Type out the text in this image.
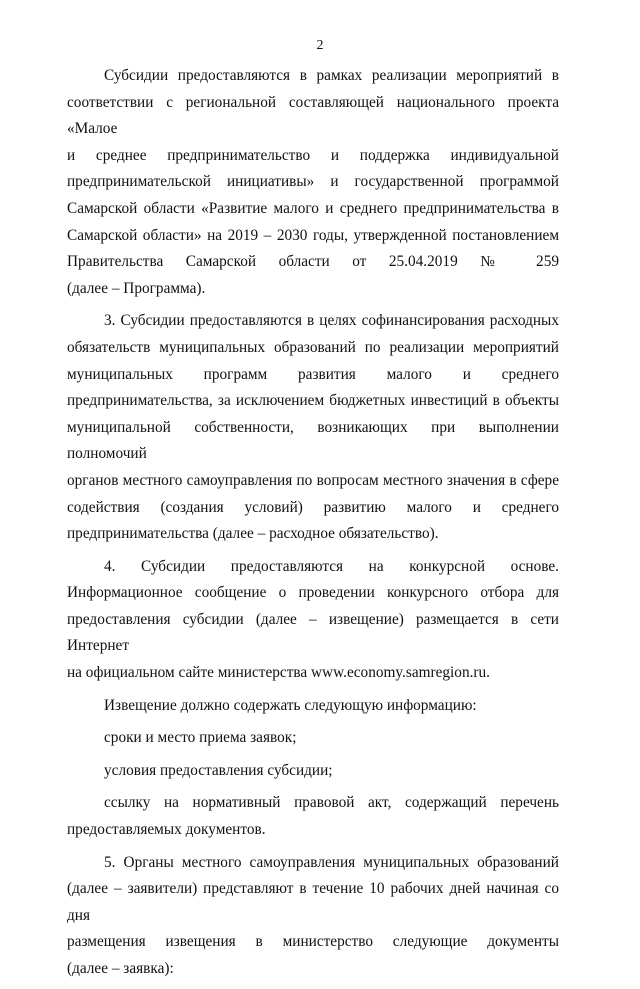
2

Субсидии предоставляются в рамках реализации мероприятий в
соответствии с региональной составляющей национального проекта «Малое
и среднее предпринимательство и поддержка индивидуальной
предпринимательской инициативы» и государственной программой
Самарской области «Развитие малого и среднего предпринимательства в
Самарской области» на 2019 – 2030 годы, утвержденной постановлением
Правительства Самарской области от 25.04.2019 № 259
(далее – Программа).

3. Субсидии предоставляются в целях софинансирования расходных
обязательств муниципальных образований по реализации мероприятий
муниципальных программ развития малого и среднего
предпринимательства, за исключением бюджетных инвестиций в объекты
муниципальной собственности, возникающих при выполнении полномочий
органов местного самоуправления по вопросам местного значения в сфере
содействия (создания условий) развитию малого и среднего
предпринимательства (далее – расходное обязательство).

4. Субсидии предоставляются на конкурсной основе.
Информационное сообщение о проведении конкурсного отбора для
предоставления субсидии (далее – извещение) размещается в сети Интернет
на официальном сайте министерства www.economy.samregion.ru.

Извещение должно содержать следующую информацию:

сроки и место приема заявок;

условия предоставления субсидии;

ссылку на нормативный правовой акт, содержащий перечень
предоставляемых документов.

5. Органы местного самоуправления муниципальных образований
(далее – заявители) представляют в течение 10 рабочих дней начиная со дня
размещения извещения в министерство следующие документы
(далее – заявка):
